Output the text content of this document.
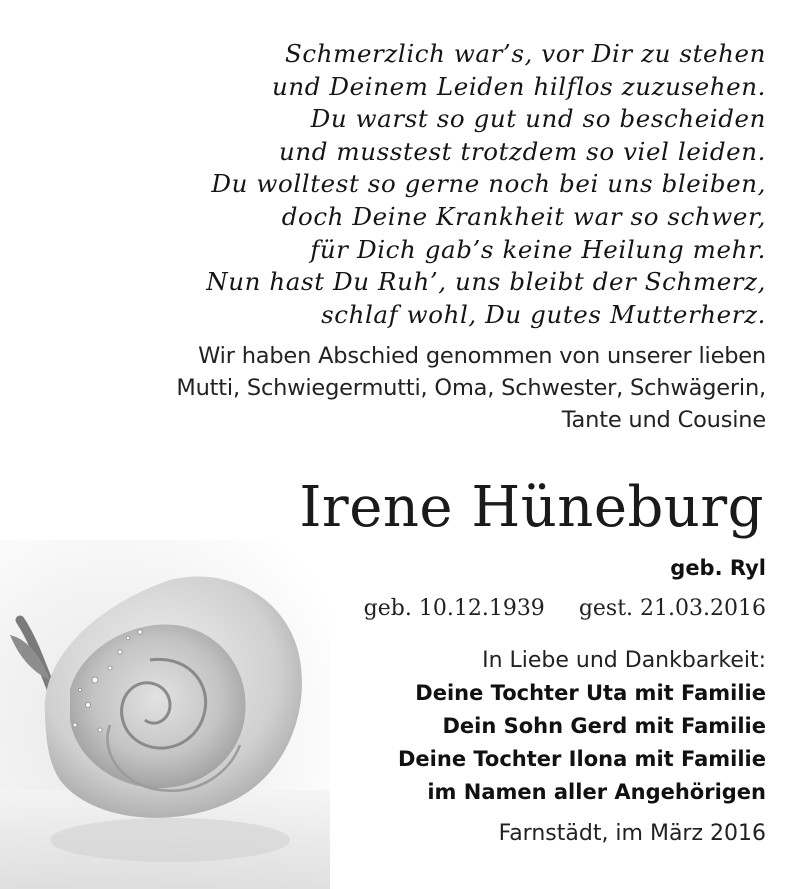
Schmerzlich war’s, vor Dir zu stehen
und Deinem Leiden hilflos zuzusehen.
Du warst so gut und so bescheiden
und musstest trotzdem so viel leiden.
Du wolltest so gerne noch bei uns bleiben,
doch Deine Krankheit war so schwer,
für Dich gab’s keine Heilung mehr.
Nun hast Du Ruh’, uns bleibt der Schmerz,
schlaf wohl, Du gutes Mutterherz.
Wir haben Abschied genommen von unserer lieben
Mutti, Schwiegermutti, Oma, Schwester, Schwägerin,
Tante und Cousine
Irene Hüneburg
geb. Ryl
geb. 10.12.1939 gest. 21.03.2016
In Liebe und Dankbarkeit:
Deine Tochter Uta mit Familie
Dein Sohn Gerd mit Familie
Deine Tochter Ilona mit Familie
im Namen aller Angehörigen
Farnstädt, im März 2016
